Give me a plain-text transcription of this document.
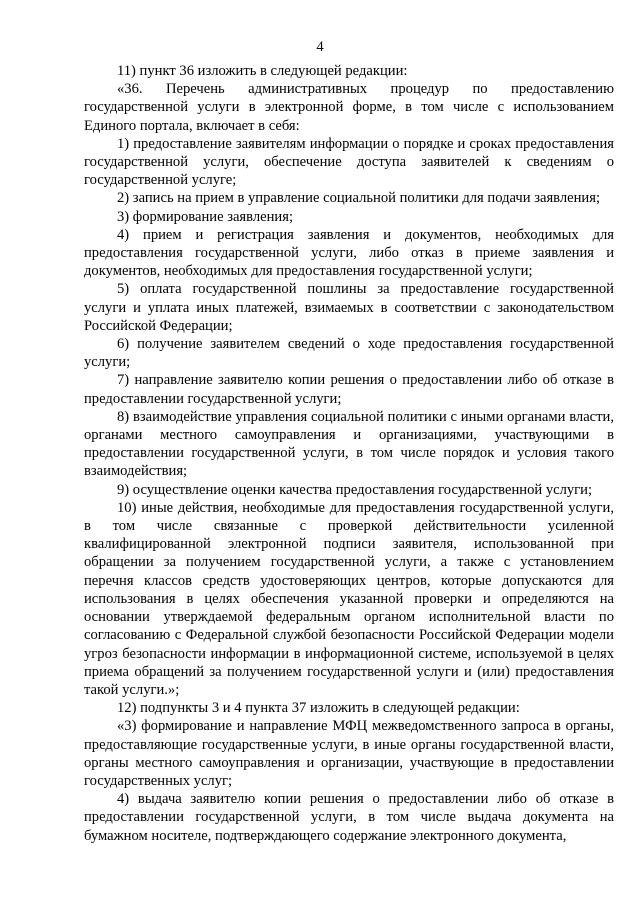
4

11) пункт 36 изложить в следующей редакции:

«36. Перечень административных процедур по предоставлению государственной услуги в электронной форме, в том числе с использованием Единого портала, включает в себя:

1) предоставление заявителям информации о порядке и сроках предоставления государственной услуги, обеспечение доступа заявителей к сведениям о государственной услуге;

2) запись на прием в управление социальной политики для подачи заявления;

3) формирование заявления;

4) прием и регистрация заявления и документов, необходимых для предоставления государственной услуги, либо отказ в приеме заявления и документов, необходимых для предоставления государственной услуги;

5) оплата государственной пошлины за предоставление государственной услуги и уплата иных платежей, взимаемых в соответствии с законодательством Российской Федерации;

6) получение заявителем сведений о ходе предоставления государственной услуги;

7) направление заявителю копии решения о предоставлении либо об отказе в предоставлении государственной услуги;

8) взаимодействие управления социальной политики с иными органами власти, органами местного самоуправления и организациями, участвующими в предоставлении государственной услуги, в том числе порядок и условия такого взаимодействия;

9) осуществление оценки качества предоставления государственной услуги;

10) иные действия, необходимые для предоставления государственной услуги, в том числе связанные с проверкой действительности усиленной квалифицированной электронной подписи заявителя, использованной при обращении за получением государственной услуги, а также с установлением перечня классов средств удостоверяющих центров, которые допускаются для использования в целях обеспечения указанной проверки и определяются на основании утверждаемой федеральным органом исполнительной власти по согласованию с Федеральной службой безопасности Российской Федерации модели угроз безопасности информации в информационной системе, используемой в целях приема обращений за получением государственной услуги и (или) предоставления такой услуги.»;

12) подпункты 3 и 4 пункта 37 изложить в следующей редакции:

«3) формирование и направление МФЦ межведомственного запроса в органы, предоставляющие государственные услуги, в иные органы государственной власти, органы местного самоуправления и организации, участвующие в предоставлении государственных услуг;

4) выдача заявителю копии решения о предоставлении либо об отказе в предоставлении государственной услуги, в том числе выдача документа на бумажном носителе, подтверждающего содержание электронного документа,
